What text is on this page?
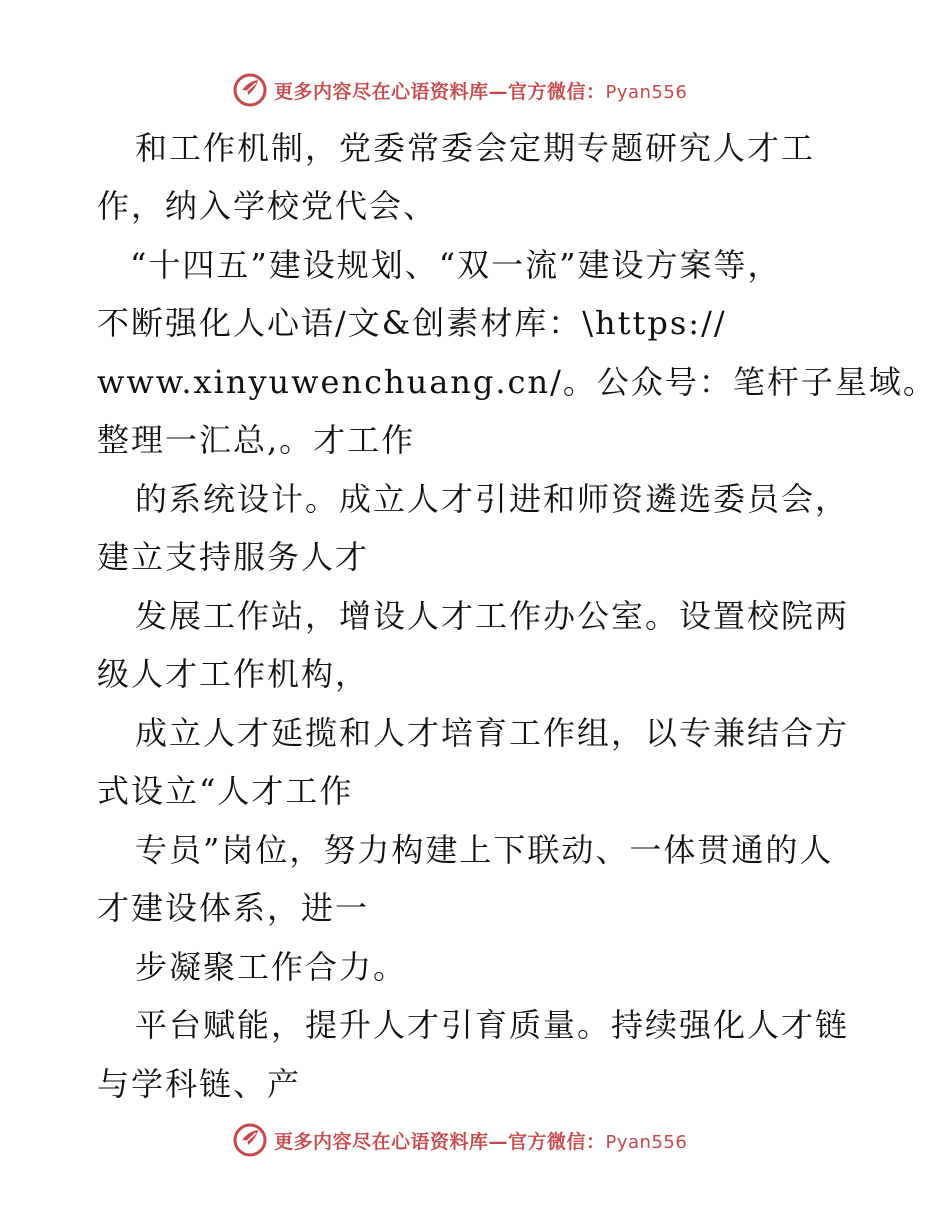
更多内容尽在心语资料库—官方微信：Pyan556
和工作机制，党委常委会定期专题研究人才工
作，纳入学校党代会、
“十四五”建设规划、“双一流”建设方案等，
不断强化人心语/文&创素材库：\https://
www.xinyuwenchuang.cn/。公众号：笔杆子星域。
整理一汇总,。才工作
的系统设计。成立人才引进和师资遴选委员会，
建立支持服务人才
发展工作站，增设人才工作办公室。设置校院两
级人才工作机构，
成立人才延揽和人才培育工作组，以专兼结合方
式设立“人才工作
专员”岗位，努力构建上下联动、一体贯通的人
才建设体系，进一
步凝聚工作合力。
平台赋能，提升人才引育质量。持续强化人才链
与学科链、产
更多内容尽在心语资料库—官方微信：Pyan556
